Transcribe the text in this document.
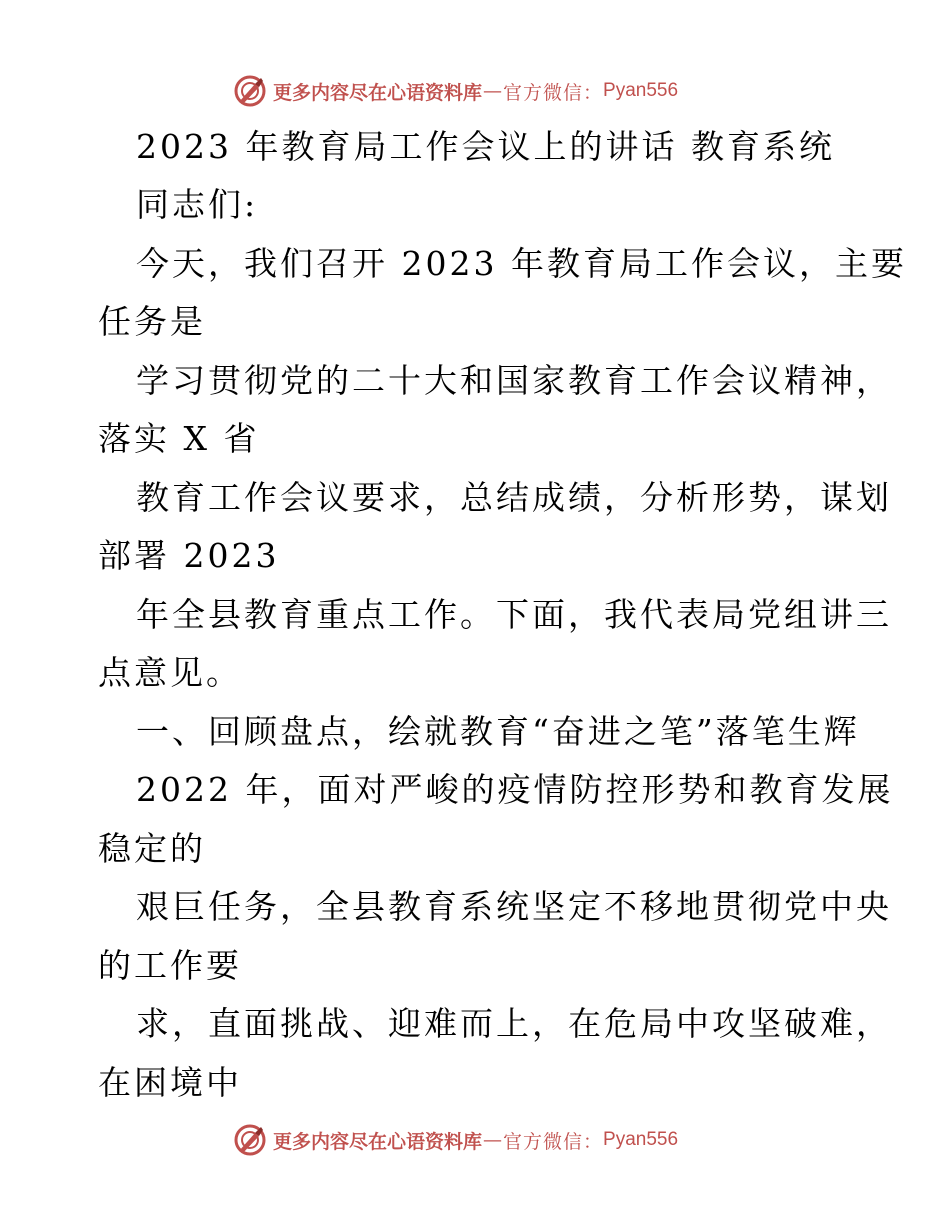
更多内容尽在心语资料库 — 官方微信： Pyan556
2023 年教育局工作会议上的讲话 教育系统
同志们:
今天，我们召开 2023 年教育局工作会议，主要
任务是
学习贯彻党的二十大和国家教育工作会议精神，
落实 X 省
教育工作会议要求，总结成绩，分析形势，谋划
部署 2023
年全县教育重点工作。下面，我代表局党组讲三
点意见。
一、回顾盘点，绘就教育“奋进之笔”落笔生辉
2022 年，面对严峻的疫情防控形势和教育发展
稳定的
艰巨任务，全县教育系统坚定不移地贯彻党中央
的工作要
求，直面挑战、迎难而上，在危局中攻坚破难，
在困境中
更多内容尽在心语资料库 — 官方微信： Pyan556
